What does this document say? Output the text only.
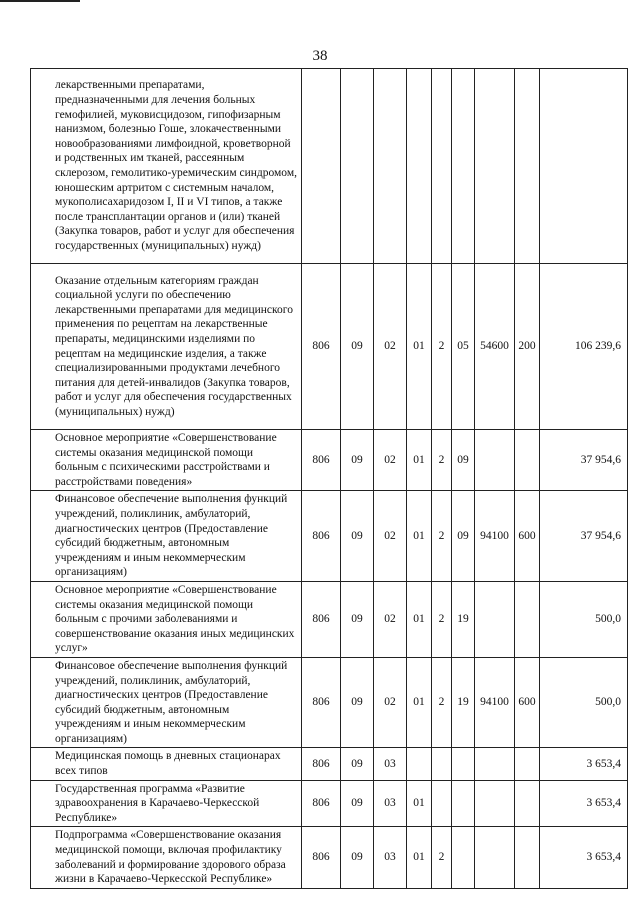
38
лекарственными препаратами, предназначенными для лечения больных гемофилией, муковисцидозом, гипофизарным нанизмом, болезнью Гоше, злокачественными новообразованиями лимфоидной, кроветворной и родственных им тканей, рассеянным склерозом, гемолитико-уремическим синдромом, юношеским артритом с системным началом, мукополисахаридозом I, II и VI типов, а также после трансплантации органов и (или) тканей (Закупка товаров, работ и услуг для обеспечения государственных (муниципальных) нужд)									
Оказание отдельным категориям граждан социальной услуги по обеспечению лекарственными препаратами для медицинского применения по рецептам на лекарственные препараты, медицинскими изделиями по рецептам на медицинские изделия, а также специализированными продуктами лечебного питания для детей-инвалидов (Закупка товаров, работ и услуг для обеспечения государственных (муниципальных) нужд)	806	09	02	01	2	05	54600	200	106 239,6
Основное мероприятие «Совершенствование системы оказания медицинской помощи больным с психическими расстройствами и расстройствами поведения»	806	09	02	01	2	09			37 954,6
Финансовое обеспечение выполнения функций учреждений, поликлиник, амбулаторий, диагностических центров (Предоставление субсидий бюджетным, автономным учреждениям и иным некоммерческим организациям)	806	09	02	01	2	09	94100	600	37 954,6
Основное мероприятие «Совершенствование системы оказания медицинской помощи больным с прочими заболеваниями и совершенствование оказания иных медицинских услуг»	806	09	02	01	2	19			500,0
Финансовое обеспечение выполнения функций учреждений, поликлиник, амбулаторий, диагностических центров (Предоставление субсидий бюджетным, автономным учреждениям и иным некоммерческим организациям)	806	09	02	01	2	19	94100	600	500,0
Медицинская помощь в дневных стационарах всех типов	806	09	03						3 653,4
Государственная программа «Развитие здравоохранения в Карачаево-Черкесской Республике»	806	09	03	01					3 653,4
Подпрограмма «Совершенствование оказания медицинской помощи, включая профилактику заболеваний и формирование здорового образа жизни в Карачаево-Черкесской Республике»	806	09	03	01	2				3 653,4
